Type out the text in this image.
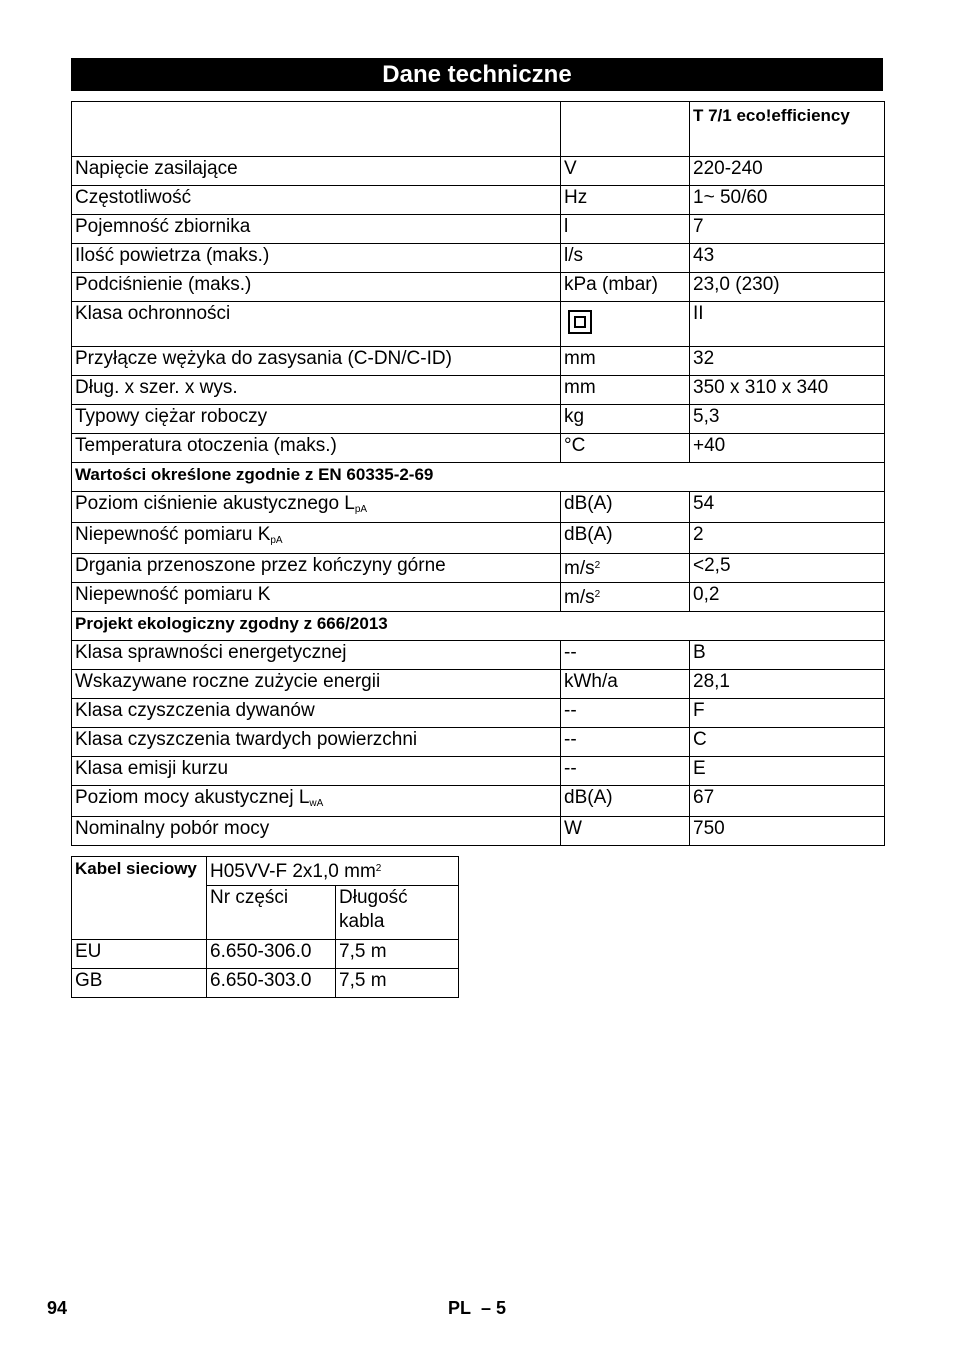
Dane techniczne
		T 7/1 eco!efficiency
Napięcie zasilające	V	220-240
Częstotliwość	Hz	1~ 50/60
Pojemność zbiornika	l	7
Ilość powietrza (maks.)	l/s	43
Podciśnienie (maks.)	kPa (mbar)	23,0 (230)
Klasa ochronności		II
Przyłącze wężyka do zasysania (C-DN/C-ID)	mm	32
Dług. x szer. x wys.	mm	350 x 310 x 340
Typowy ciężar roboczy	kg	5,3
Temperatura otoczenia (maks.)	°C	+40
Wartości określone zgodnie z EN 60335-2-69		
Poziom ciśnienie akustycznego $L_{pA}$	dB(A)	54
Niepewność pomiaru $K_{pA}$	dB(A)	2
Drgania przenoszone przez kończyny górne	$m/s^2$	<2,5
Niepewność pomiaru K	$m/s^2$	0,2
Projekt ekologiczny zgodny z 666/2013		
Klasa sprawności energetycznej	--	B
Wskazywane roczne zużycie energii	kWh/a	28,1
Klasa czyszczenia dywanów	--	F
Klasa czyszczenia twardych powierzchni	--	C
Klasa emisji kurzu	--	E
Poziom mocy akustycznej $L_{wA}$	dB(A)	67
Nominalny pobór mocy	W	750
Kabel sieciowy	H05VV-F 2x1,0 $mm^2$
	Nr części	Długość kabla
EU	6.650-306.0	7,5 m
GB	6.650-303.0	7,5 m
94	PL – 5
